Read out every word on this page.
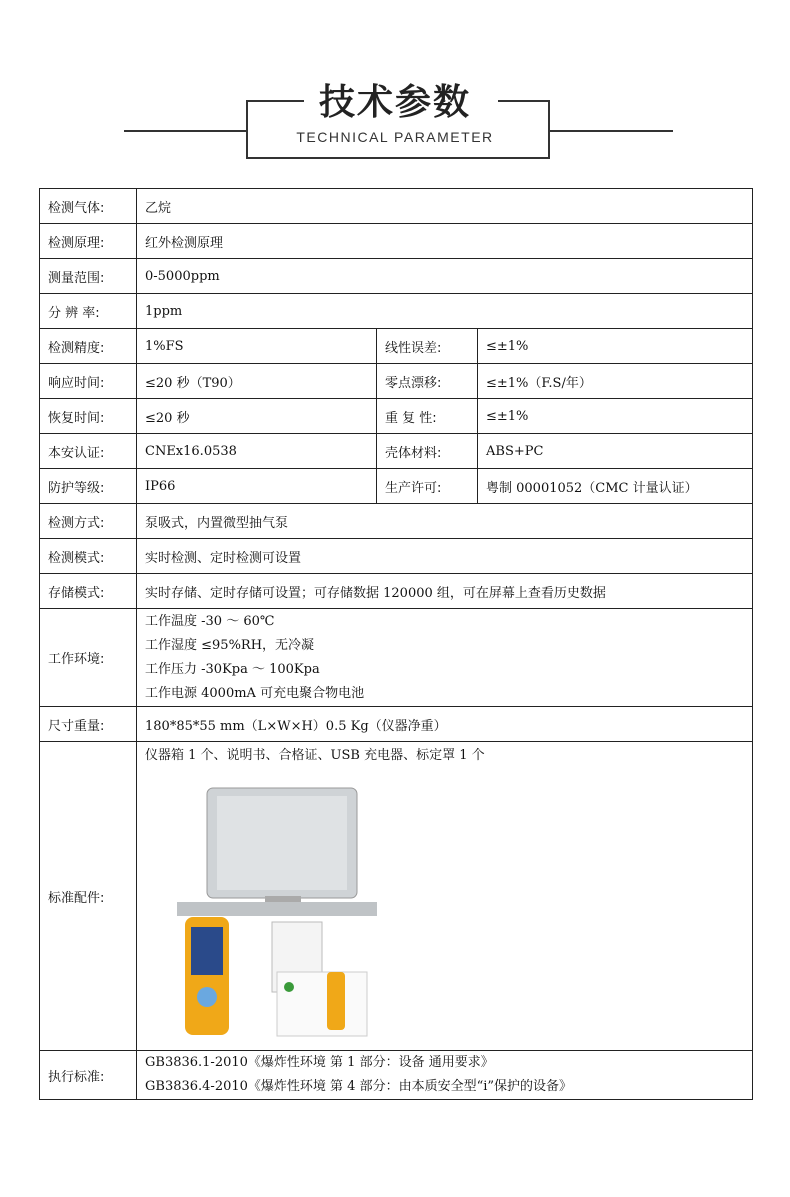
技术参数
TECHNICAL PARAMETER
检测气体:	乙烷		
检测原理:	红外检测原理		
测量范围:	0-5000ppm		
分 辨 率:	1ppm		
检测精度:	1%FS	线性误差:	≤±1%
响应时间:	≤20 秒（T90）	零点漂移:	≤±1%（F.S/年）
恢复时间:	≤20 秒	重 复 性:	≤±1%
本安认证:	CNEx16.0538	壳体材料:	ABS+PC
防护等级:	IP66	生产许可:	粤制 00001052（CMC 计量认证）
检测方式:	泵吸式，内置微型抽气泵		
检测模式:	实时检测、定时检测可设置		
存储模式:	实时存储、定时存储可设置；可存储数据 120000 组，可在屏幕上查看历史数据		
工作环境:	工作温度 -30 ～ 60℃
工作湿度 ≤95%RH，无冷凝
工作压力 -30Kpa ～ 100Kpa
工作电源 4000mA 可充电聚合物电池		

尺寸重量:	180*85*55 mm（L×W×H）0.5 Kg（仪器净重）		
标准配件:	仪器箱 1 个、说明书、合格证、USB 充电器、标定罩 1 个		

执行标准:	GB3836.1-2010《爆炸性环境 第 1 部分：设备 通用要求》
GB3836.4-2010《爆炸性环境 第 4 部分：由本质安全型“i”保护的设备》		
